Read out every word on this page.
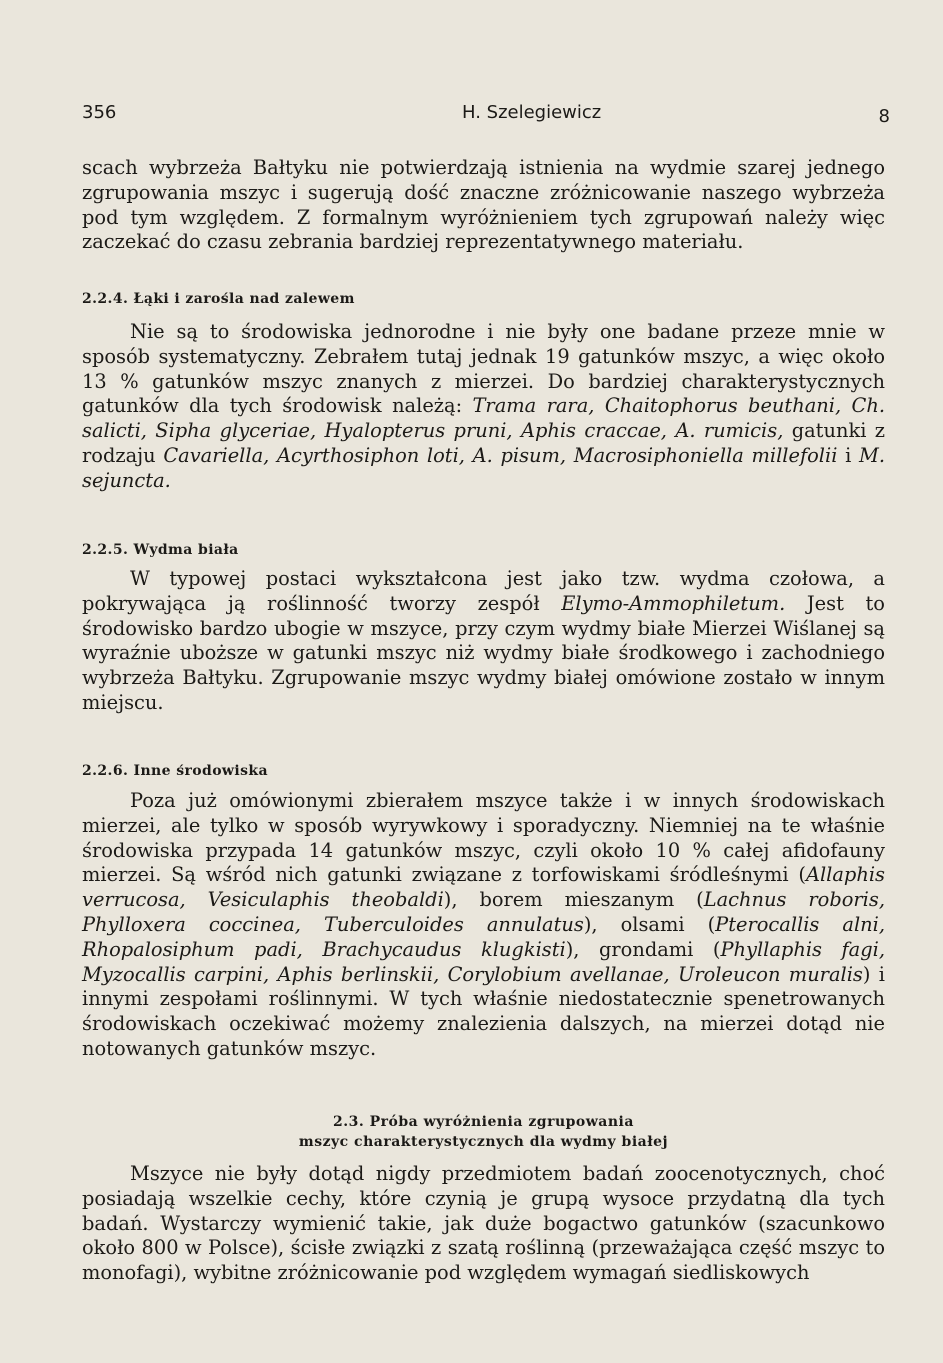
356	H. Szelegiewicz	8

scach wybrzeża Bałtyku nie potwierdzają istnienia na wydmie szarej jednego zgrupowania mszyc i sugerują dość znaczne zróżnicowanie naszego wybrzeża pod tym względem. Z formalnym wyróżnieniem tych zgrupowań należy więc zaczekać do czasu zebrania bardziej reprezentatywnego materiału.

2.2.4. Łąki i zarośla nad zalewem

Nie są to środowiska jednorodne i nie były one badane przeze mnie w sposób systematyczny. Zebrałem tutaj jednak 19 gatunków mszyc, a więc około 13 % gatunków mszyc znanych z mierzei. Do bardziej charakterystycznych gatunków dla tych środowisk należą: Trama rara, Chaitophorus beuthani, Ch. salicti, Sipha glyceriae, Hyalopterus pruni, Aphis craccae, A. rumicis, gatunki z rodzaju Cavariella, Acyrthosiphon loti, A. pisum, Macrosiphoniella millefolii i M. sejuncta.

2.2.5. Wydma biała

W typowej postaci wykształcona jest jako tzw. wydma czołowa, a pokrywająca ją roślinność tworzy zespół Elymo-Ammophiletum. Jest to środowisko bardzo ubogie w mszyce, przy czym wydmy białe Mierzei Wiślanej są wyraźnie uboższe w gatunki mszyc niż wydmy białe środkowego i zachodniego wybrzeża Bałtyku. Zgrupowanie mszyc wydmy białej omówione zostało w innym miejscu.

2.2.6. Inne środowiska

Poza już omówionymi zbierałem mszyce także i w innych środowiskach mierzei, ale tylko w sposób wyrywkowy i sporadyczny. Niemniej na te właśnie środowiska przypada 14 gatunków mszyc, czyli około 10 % całej afidofauny mierzei. Są wśród nich gatunki związane z torfowiskami śródleśnymi (Allaphis verrucosa, Vesiculaphis theobaldi), borem mieszanym (Lachnus roboris, Phylloxera coccinea, Tuberculoides annulatus), olsami (Pterocallis alni, Rhopalosiphum padi, Brachycaudus klugkisti), grondami (Phyllaphis fagi, Myzocallis carpini, Aphis berlinskii, Corylobium avellanae, Uroleucon muralis) i innymi zespołami roślinnymi. W tych właśnie niedostatecznie spenetrowanych środowiskach oczekiwać możemy znalezienia dalszych, na mierzei dotąd nie notowanych gatunków mszyc.

2.3. Próba wyróżnienia zgrupowania
mszyc charakterystycznych dla wydmy białej

Mszyce nie były dotąd nigdy przedmiotem badań zoocenotycznych, choć posiadają wszelkie cechy, które czynią je grupą wysoce przydatną dla tych badań. Wystarczy wymienić takie, jak duże bogactwo gatunków (szacunkowo około 800 w Polsce), ścisłe związki z szatą roślinną (przeważająca część mszyc to monofagi), wybitne zróżnicowanie pod względem wymagań siedliskowych
